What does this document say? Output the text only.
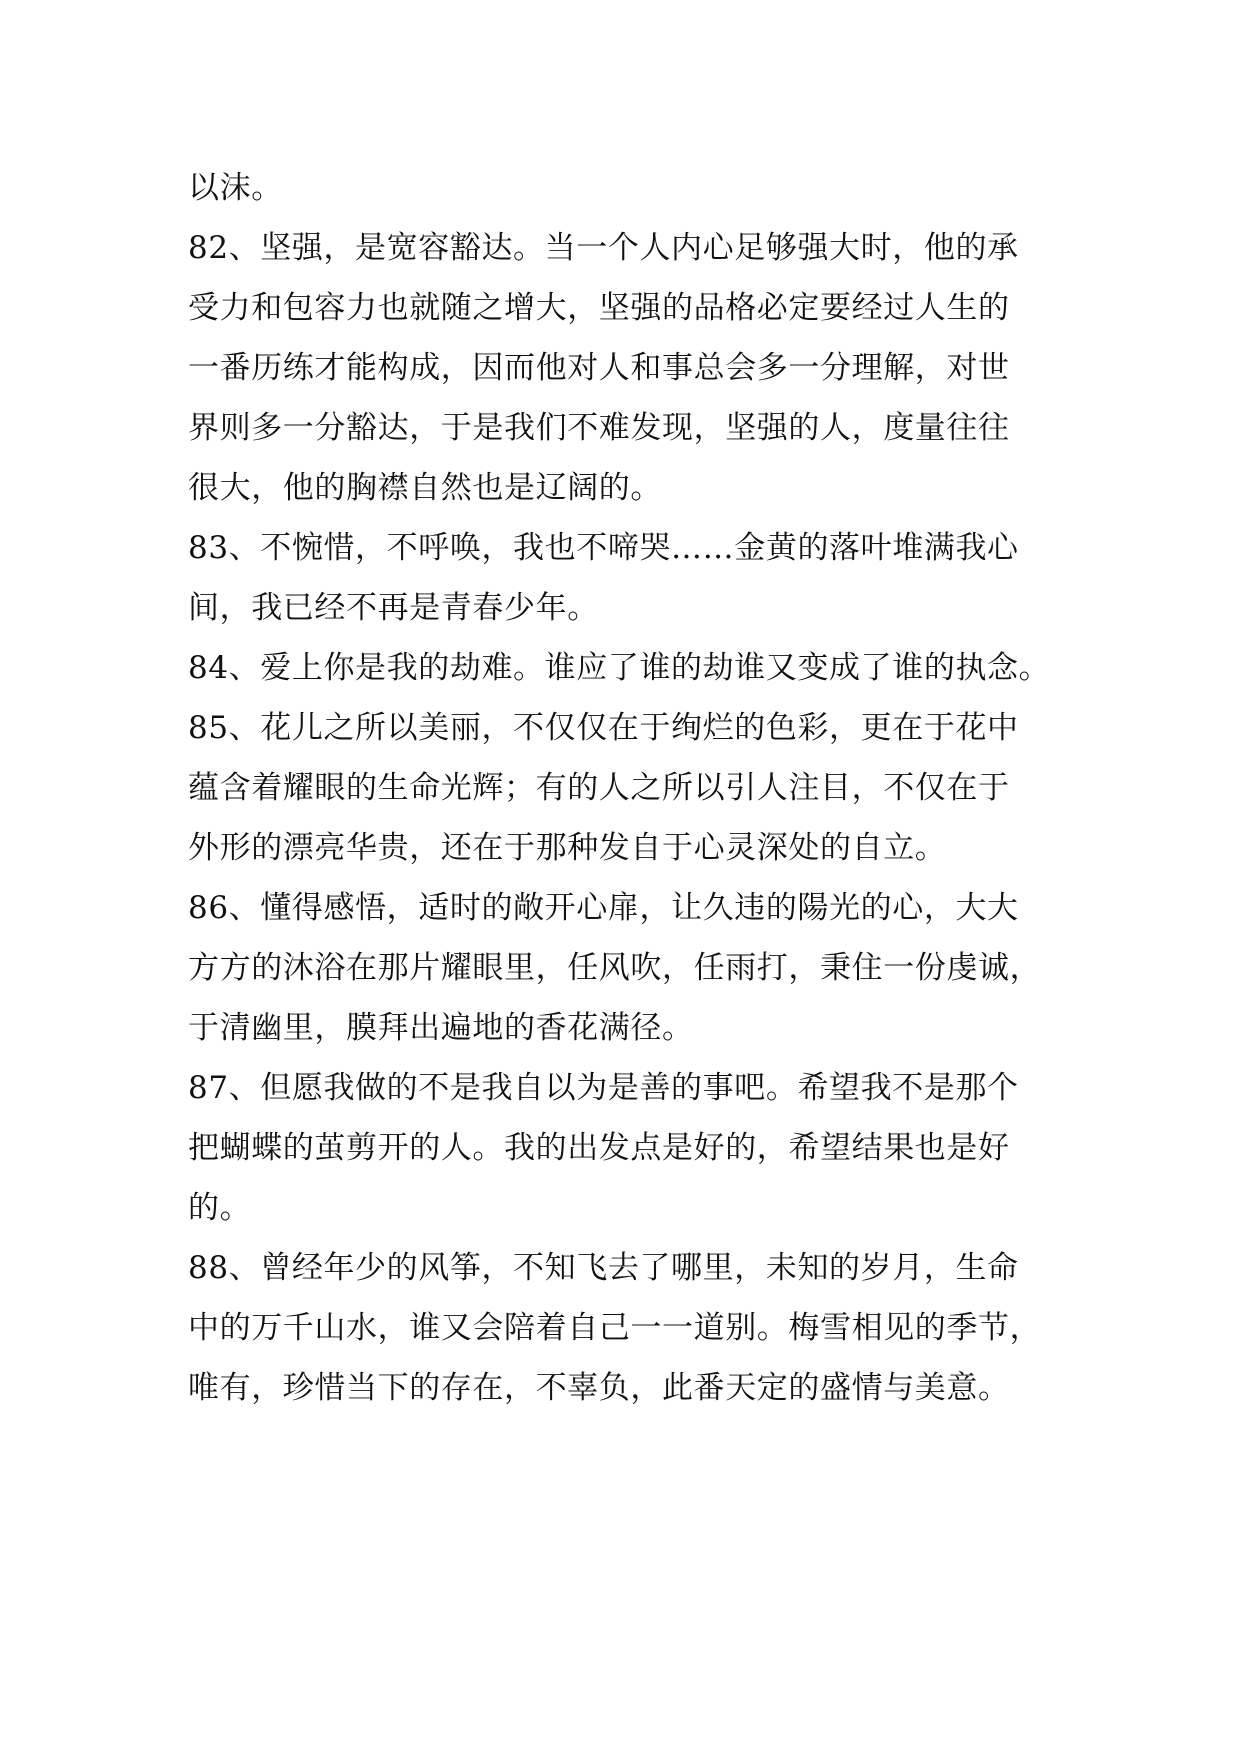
以沫。
82、坚强，是宽容豁达。当一个人内心足够强大时，他的承
受力和包容力也就随之增大，坚强的品格必定要经过人生的
一番历练才能构成，因而他对人和事总会多一分理解，对世
界则多一分豁达，于是我们不难发现，坚强的人，度量往往
很大，他的胸襟自然也是辽阔的。
83、不惋惜，不呼唤，我也不啼哭……金黄的落叶堆满我心
间，我已经不再是青春少年。
84、爱上你是我的劫难。谁应了谁的劫谁又变成了谁的执念。
85、花儿之所以美丽，不仅仅在于绚烂的色彩，更在于花中
蕴含着耀眼的生命光辉；有的人之所以引人注目，不仅在于
外形的漂亮华贵，还在于那种发自于心灵深处的自立。
86、懂得感悟，适时的敞开心扉，让久违的陽光的心，大大
方方的沐浴在那片耀眼里，任风吹，任雨打，秉住一份虔诚，
于清幽里，膜拜出遍地的香花满径。
87、但愿我做的不是我自以为是善的事吧。希望我不是那个
把蝴蝶的茧剪开的人。我的出发点是好的，希望结果也是好
的。
88、曾经年少的风筝，不知飞去了哪里，未知的岁月，生命
中的万千山水，谁又会陪着自己一一道别。梅雪相见的季节，
唯有，珍惜当下的存在，不辜负，此番天定的盛情与美意。
